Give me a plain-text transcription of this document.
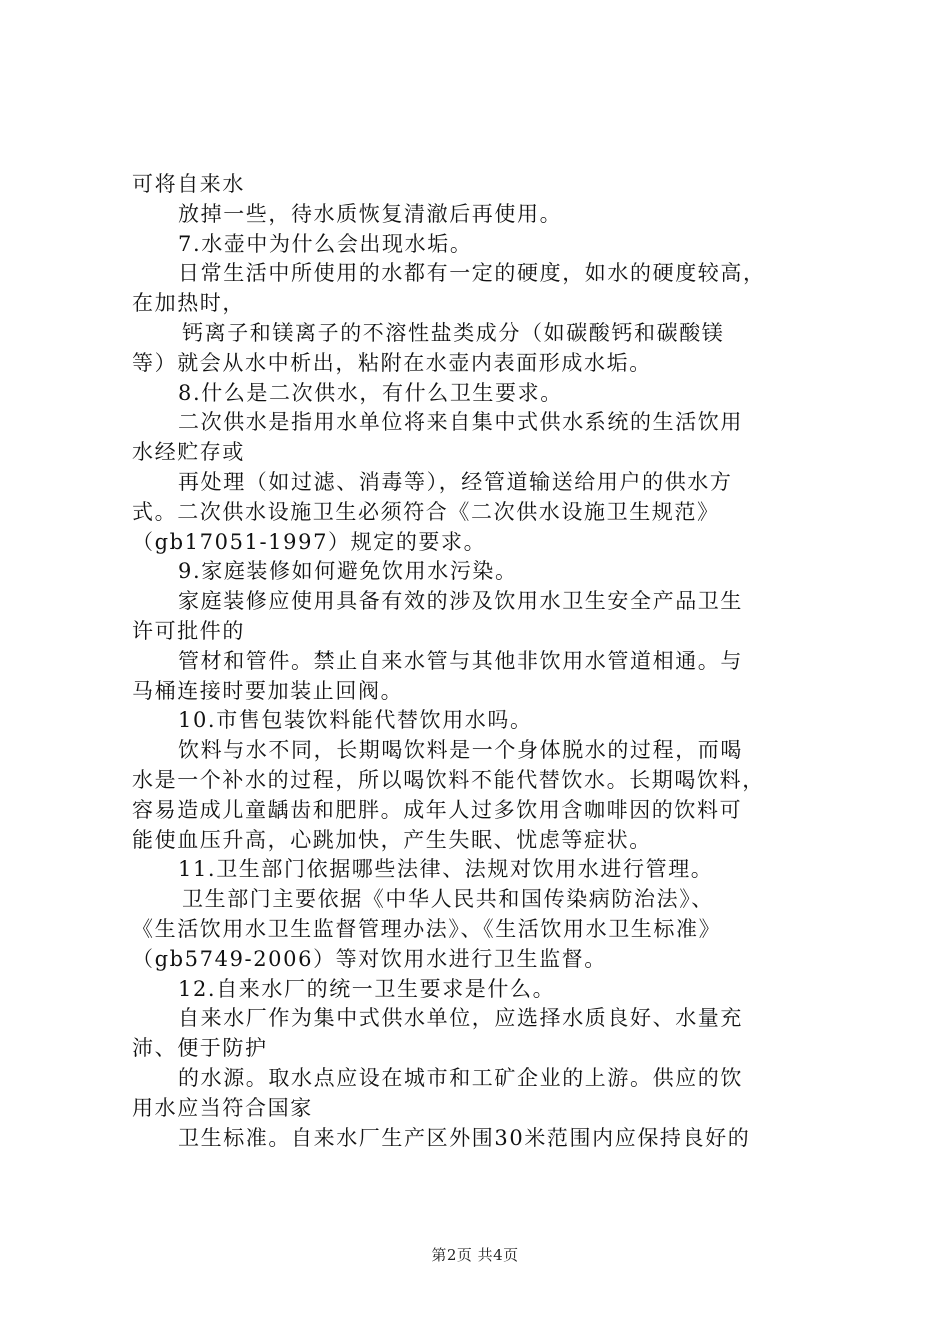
可将自来水
放掉一些，待水质恢复清澈后再使用。
7.水壶中为什么会出现水垢。
日常生活中所使用的水都有一定的硬度，如水的硬度较高，
在加热时，
钙离子和镁离子的不溶性盐类成分（如碳酸钙和碳酸镁
等）就会从水中析出，粘附在水壶内表面形成水垢。
8.什么是二次供水，有什么卫生要求。
二次供水是指用水单位将来自集中式供水系统的生活饮用
水经贮存或
再处理（如过滤、消毒等），经管道输送给用户的供水方
式。二次供水设施卫生必须符合《二次供水设施卫生规范》
（gb17051-1997）规定的要求。
9.家庭装修如何避免饮用水污染。
家庭装修应使用具备有效的涉及饮用水卫生安全产品卫生
许可批件的
管材和管件。禁止自来水管与其他非饮用水管道相通。与
马桶连接时要加装止回阀。
10.市售包装饮料能代替饮用水吗。
饮料与水不同，长期喝饮料是一个身体脱水的过程，而喝
水是一个补水的过程，所以喝饮料不能代替饮水。长期喝饮料，
容易造成儿童龋齿和肥胖。成年人过多饮用含咖啡因的饮料可
能使血压升高，心跳加快，产生失眠、忧虑等症状。
11.卫生部门依据哪些法律、法规对饮用水进行管理。
卫生部门主要依据《中华人民共和国传染病防治法》、
《生活饮用水卫生监督管理办法》、《生活饮用水卫生标准》
（gb5749-2006）等对饮用水进行卫生监督。
12.自来水厂的统一卫生要求是什么。
自来水厂作为集中式供水单位，应选择水质良好、水量充
沛、便于防护
的水源。取水点应设在城市和工矿企业的上游。供应的饮
用水应当符合国家
卫生标准。自来水厂生产区外围30米范围内应保持良好的
第2页 共4页
